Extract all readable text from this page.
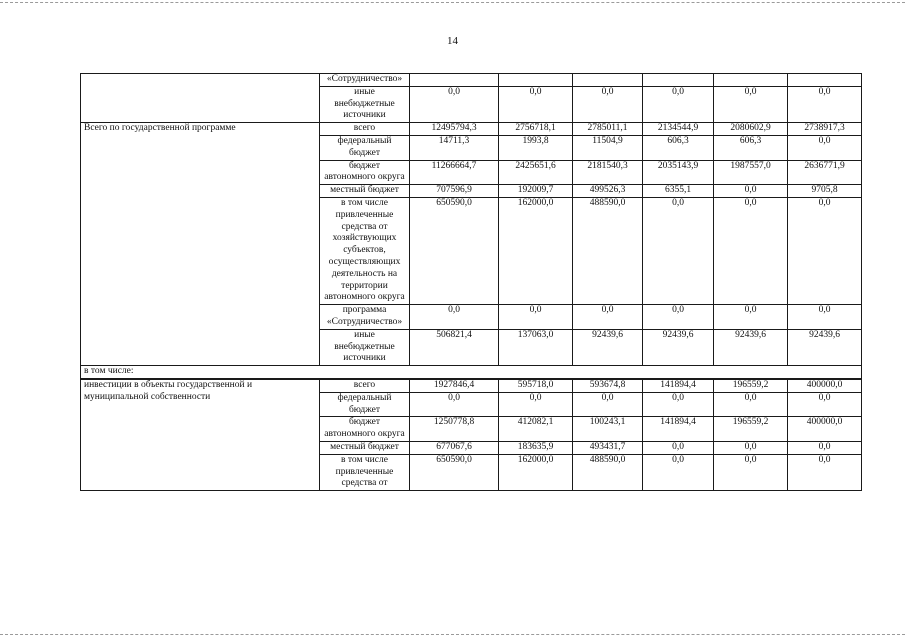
14
	«Сотрудничество»						
	иные внебюджетные источники	0,0	0,0	0,0	0,0	0,0	0,0
Всего по государственной программе	всего	12495794,3	2756718,1	2785011,1	2134544,9	2080602,9	2738917,3
	федеральный бюджет	14711,3	1993,8	11504,9	606,3	606,3	0,0
	бюджет автономного округа	11266664,7	2425651,6	2181540,3	2035143,9	1987557,0	2636771,9
	местный бюджет	707596,9	192009,7	499526,3	6355,1	0,0	9705,8
	в том числе привлеченные средства от хозяйствующих субъектов, осуществляющих деятельность на территории автономного округа	650590,0	162000,0	488590,0	0,0	0,0	0,0
	программа «Сотрудничество»	0,0	0,0	0,0	0,0	0,0	0,0
	иные внебюджетные источники	506821,4	137063,0	92439,6	92439,6	92439,6	92439,6
в том числе:							
инвестиции в объекты государственной и муниципальной собственности	всего	1927846,4	595718,0	593674,8	141894,4	196559,2	400000,0
	федеральный бюджет	0,0	0,0	0,0	0,0	0,0	0,0
	бюджет автономного округа	1250778,8	412082,1	100243,1	141894,4	196559,2	400000,0
	местный бюджет	677067,6	183635,9	493431,7	0,0	0,0	0,0
	в том числе привлеченные средства от	650590,0	162000,0	488590,0	0,0	0,0	0,0
